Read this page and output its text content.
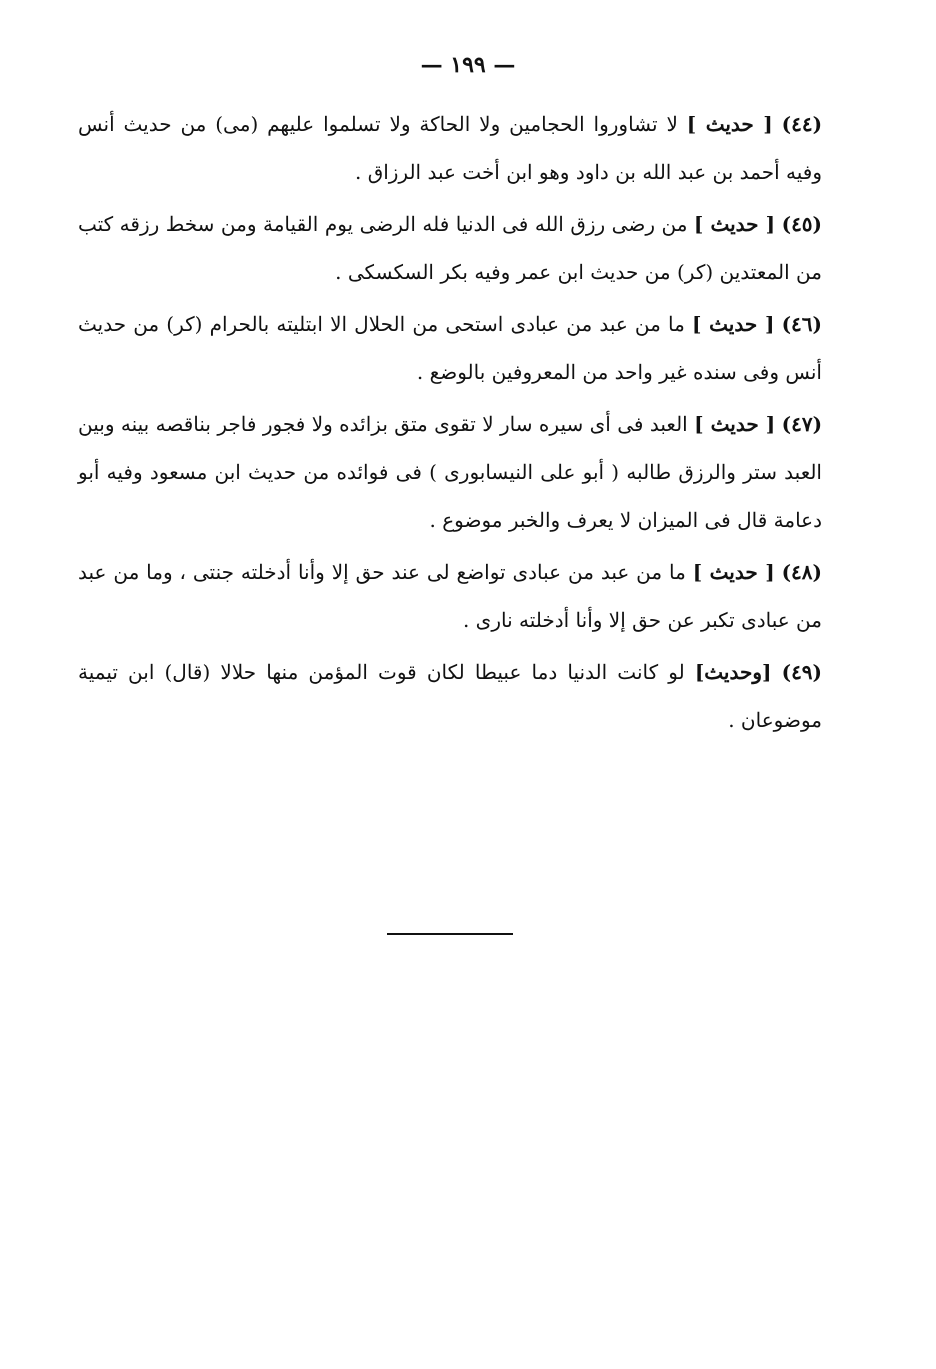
— ١٩٩ —

(٤٤) [ حديث ] لا تشاوروا الحجامين ولا الحاكة ولا تسلموا عليهم (مى) من حديث أنس وفيه أحمد بن عبد الله بن داود وهو ابن أخت عبد الرزاق .

(٤٥) [ حديث ] من رضى رزق الله فى الدنيا فله الرضى يوم القيامة ومن سخط رزقه كتب من المعتدين (كر) من حديث ابن عمر وفيه بكر السكسكى .

(٤٦) [ حديث ] ما من عبد من عبادى استحى من الحلال الا ابتليته بالحرام (كر) من حديث أنس وفى سنده غير واحد من المعروفين بالوضع .

(٤٧) [ حديث ] العبد فى أى سيره سار لا تقوى متق بزائده ولا فجور فاجر بناقصه بينه وبين العبد ستر والرزق طالبه ( أبو على النيسابورى ) فى فوائده من حديث ابن مسعود وفيه أبو دعامة قال فى الميزان لا يعرف والخبر موضوع .

(٤٨) [ حديث ] ما من عبد من عبادى تواضع لى عند حق إلا وأنا أدخلته جنتى ، وما من عبد من عبادى تكبر عن حق إلا وأنا أدخلته نارى .

(٤٩) [وحديث] لو كانت الدنيا دما عبيطا لكان قوت المؤمن منها حلالا (قال) ابن تيمية موضوعان .
